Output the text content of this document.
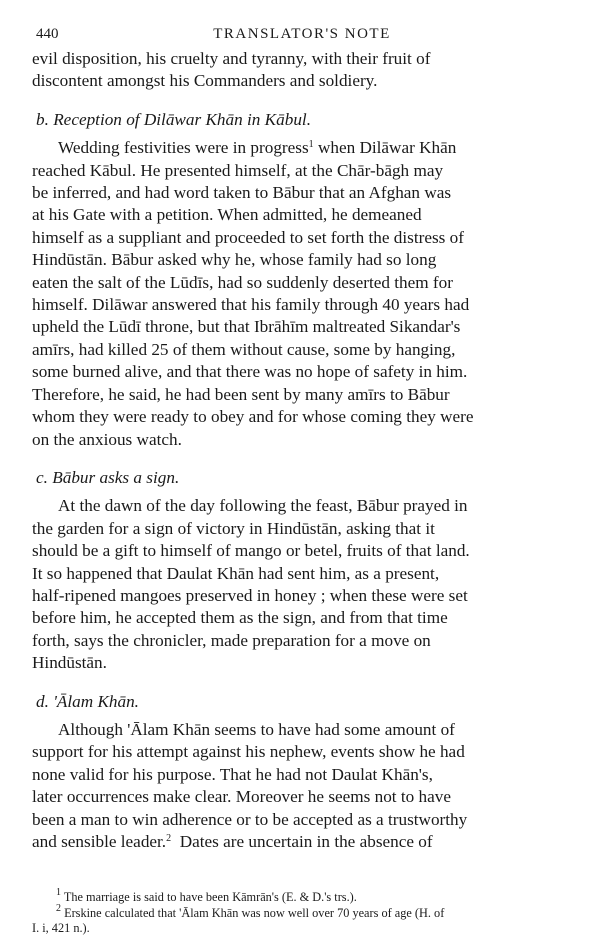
440	TRANSLATOR'S NOTE

evil disposition, his cruelty and tyranny, with their fruit of
discontent amongst his Commanders and soldiery.

b. Reception of Dilāwar Khān in Kābul.

Wedding festivities were in progress$^1$ when Dilāwar Khān
reached Kābul. He presented himself, at the Chār-bāgh may
be inferred, and had word taken to Bābur that an Afghan was
at his Gate with a petition. When admitted, he demeaned
himself as a suppliant and proceeded to set forth the distress of
Hindūstān. Bābur asked why he, whose family had so long
eaten the salt of the Lūdīs, had so suddenly deserted them for
himself. Dilāwar answered that his family through 40 years had
upheld the Lūdī throne, but that Ibrāhīm maltreated Sikandar's
amīrs, had killed 25 of them without cause, some by hanging,
some burned alive, and that there was no hope of safety in him.
Therefore, he said, he had been sent by many amīrs to Bābur
whom they were ready to obey and for whose coming they were
on the anxious watch.

c. Bābur asks a sign.

At the dawn of the day following the feast, Bābur prayed in
the garden for a sign of victory in Hindūstān, asking that it
should be a gift to himself of mango or betel, fruits of that land.
It so happened that Daulat Khān had sent him, as a present,
half-ripened mangoes preserved in honey ; when these were set
before him, he accepted them as the sign, and from that time
forth, says the chronicler, made preparation for a move on
Hindūstān.

d. 'Ālam Khān.

Although 'Ālam Khān seems to have had some amount of
support for his attempt against his nephew, events show he had
none valid for his purpose. That he had not Daulat Khān's,
later occurrences make clear. Moreover he seems not to have
been a man to win adherence or to be accepted as a trustworthy
and sensible leader.$^2$ Dates are uncertain in the absence of

$^1$ The marriage is said to have been Kāmrān's (E. & D.'s trs.).
$^2$ Erskine calculated that 'Ālam Khān was now well over 70 years of age (H. of
I. i, 421 n.).
